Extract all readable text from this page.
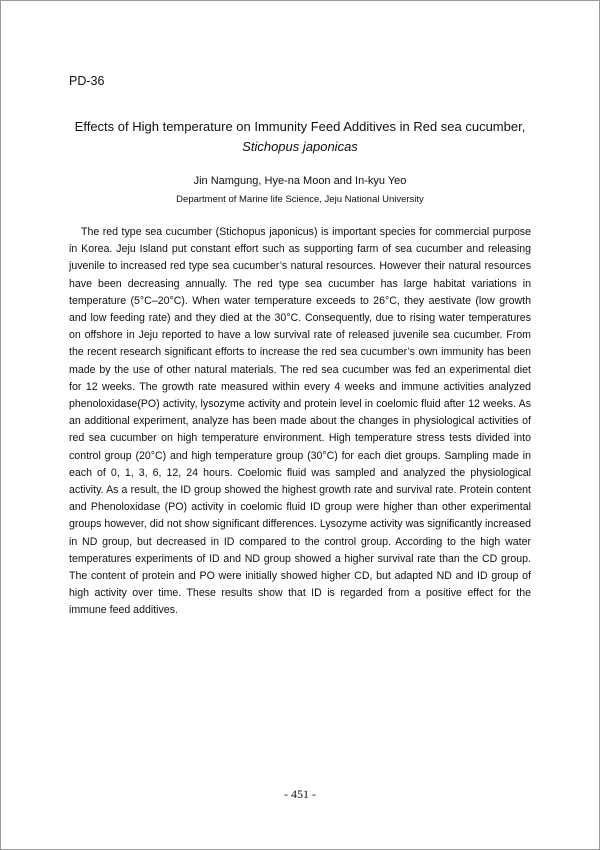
PD-36
Effects of High temperature on Immunity Feed Additives in Red sea cucumber,
Stichopus japonicas
Jin Namgung, Hye-na Moon and In-kyu Yeo
Department of Marine life Science, Jeju National University

The red type sea cucumber (Stichopus japonicus) is important species for commercial purpose in Korea. Jeju Island put constant effort such as supporting farm of sea cucumber and releasing juvenile to increased red type sea cucumber’s natural resources. However their natural resources have been decreasing annually. The red type sea cucumber has large habitat variations in temperature (5°C–20°C). When water temperature exceeds to 26°C, they aestivate (low growth and low feeding rate) and they died at the 30°C. Consequently, due to rising water temperatures on offshore in Jeju reported to have a low survival rate of released juvenile sea cucumber. From the recent research significant efforts to increase the red sea cucumber’s own immunity has been made by the use of other natural materials. The red sea cucumber was fed an experimental diet for 12 weeks. The growth rate measured within every 4 weeks and immune activities analyzed phenoloxidase(PO) activity, lysozyme activity and protein level in coelomic fluid after 12 weeks. As an additional experiment, analyze has been made about the changes in physiological activities of red sea cucumber on high temperature environment. High temperature stress tests divided into control group (20°C) and high temperature group (30°C) for each diet groups. Sampling made in each of 0, 1, 3, 6, 12, 24 hours. Coelomic fluid was sampled and analyzed the physiological activity. As a result, the ID group showed the highest growth rate and survival rate. Protein content and Phenoloxidase (PO) activity in coelomic fluid ID group were higher than other experimental groups however, did not show significant differences. Lysozyme activity was significantly increased in ND group, but decreased in ID compared to the control group. According to the high water temperatures experiments of ID and ND group showed a higher survival rate than the CD group. The content of protein and PO were initially showed higher CD, but adapted ND and ID group of high activity over time. These results show that ID is regarded from a positive effect for the immune feed additives.

- 451 -
